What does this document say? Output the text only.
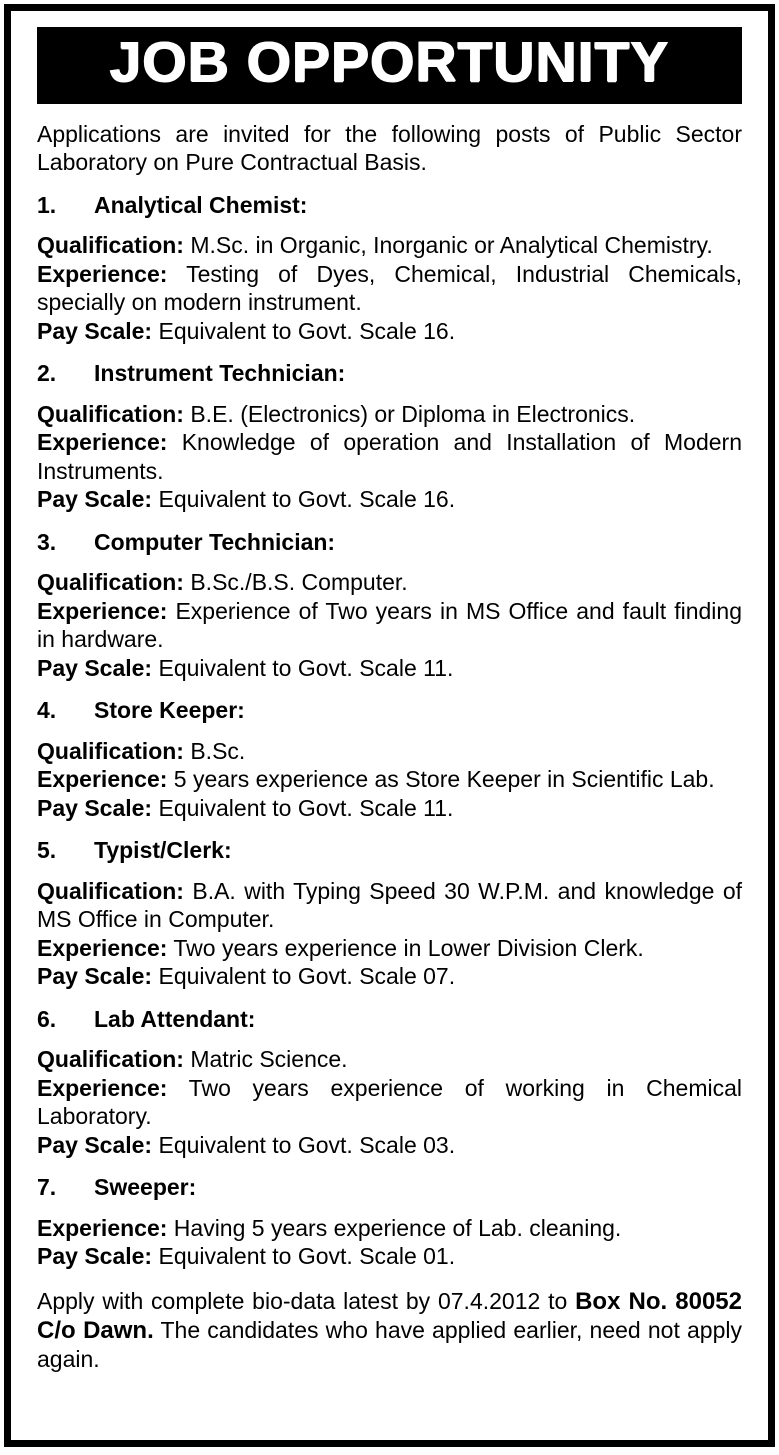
JOB OPPORTUNITY

Applications are invited for the following posts of Public Sector Laboratory on Pure Contractual Basis.

1. Analytical Chemist:

Qualification: M.Sc. in Organic, Inorganic or Analytical Chemistry.

Experience: Testing of Dyes, Chemical, Industrial Chemicals, specially on modern instrument.

Pay Scale: Equivalent to Govt. Scale 16.

2. Instrument Technician:

Qualification: B.E. (Electronics) or Diploma in Electronics.

Experience: Knowledge of operation and Installation of Modern Instruments.

Pay Scale: Equivalent to Govt. Scale 16.

3. Computer Technician:

Qualification: B.Sc./B.S. Computer.

Experience: Experience of Two years in MS Office and fault finding in hardware.

Pay Scale: Equivalent to Govt. Scale 11.

4. Store Keeper:

Qualification: B.Sc.

Experience: 5 years experience as Store Keeper in Scientific Lab.

Pay Scale: Equivalent to Govt. Scale 11.

5. Typist/Clerk:

Qualification: B.A. with Typing Speed 30 W.P.M. and knowledge of MS Office in Computer.

Experience: Two years experience in Lower Division Clerk.

Pay Scale: Equivalent to Govt. Scale 07.

6. Lab Attendant:

Qualification: Matric Science.

Experience: Two years experience of working in Chemical Laboratory.

Pay Scale: Equivalent to Govt. Scale 03.

7. Sweeper:

Experience: Having 5 years experience of Lab. cleaning.

Pay Scale: Equivalent to Govt. Scale 01.

Apply with complete bio-data latest by 07.4.2012 to Box No. 80052 C/o Dawn. The candidates who have applied earlier, need not apply again.
